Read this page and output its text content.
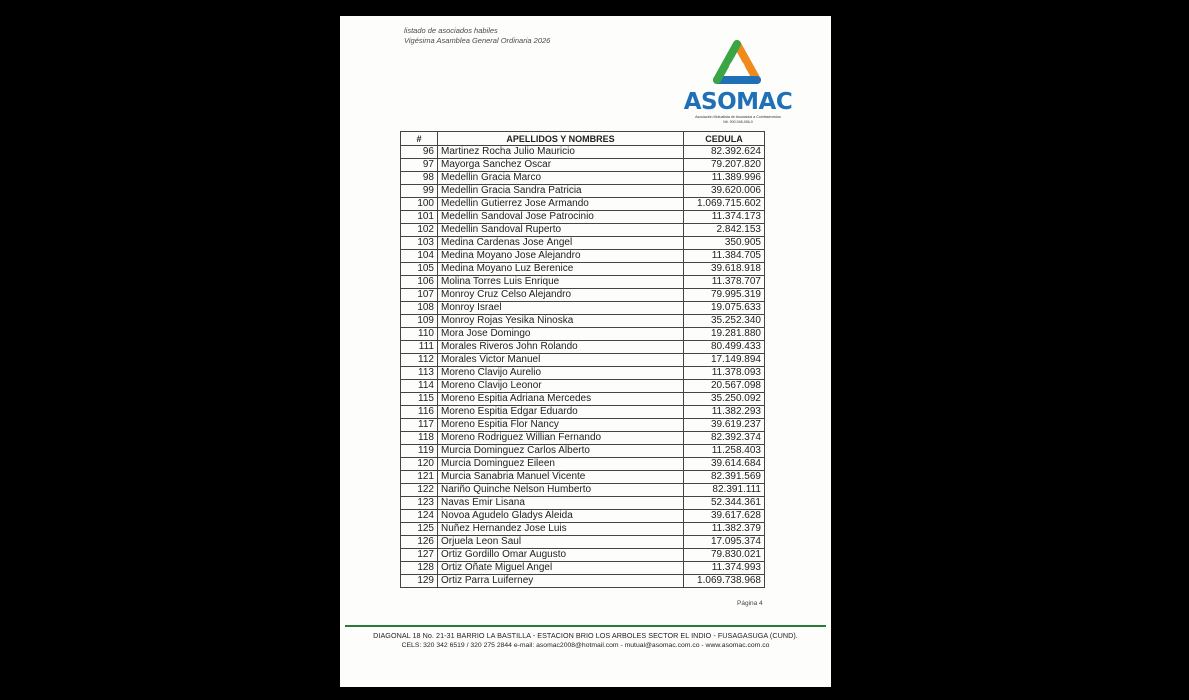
listado de asociados habiles
Vigésima Asamblea General Ordinaria 2026
ASOMAC
Asociación Mutualista de Asociados a Comfaservicios
Nit. 900.048.456-0
#	APELLIDOS Y NOMBRES	CEDULA
96	Martinez Rocha Julio Mauricio	82.392.624
97	Mayorga Sanchez Oscar	79.207.820
98	Medellin Gracia Marco	11.389.996
99	Medellin Gracia Sandra Patricia	39.620.006
100	Medellin Gutierrez Jose Armando	1.069.715.602
101	Medellin Sandoval Jose Patrocinio	11.374.173
102	Medellin Sandoval Ruperto	2.842.153
103	Medina Cardenas Jose Ángel	350.905
104	Medina Moyano Jose Alejandro	11.384.705
105	Medina Moyano Luz Berenice	39.618.918
106	Molina Torres Luis Enrique	11.378.707
107	Monroy Cruz Celso Alejandro	79.995.319
108	Monroy Israel	19.075.633
109	Monroy Rojas Yesika Ninoska	35.252.340
110	Mora Jose Domingo	19.281.880
111	Morales Riveros John Rolando	80.499.433
112	Morales Victor Manuel	17.149.894
113	Moreno Clavijo Aurelio	11.378.093
114	Moreno Clavijo Leonor	20.567.098
115	Moreno Espitia Adriana Mercedes	35.250.092
116	Moreno Espitia Edgar Eduardo	11.382.293
117	Moreno Espitia Flor Nancy	39.619.237
118	Moreno Rodriguez Willian Fernando	82.392.374
119	Murcia Dominguez Carlos Alberto	11.258.403
120	Murcia Dominguez Eileen	39.614.684
121	Murcia Sanabria Manuel Vicente	82.391.569
122	Nariño Quinche Nelson Humberto	82.391.111
123	Navas Emir Lisana	52.344.361
124	Novoa Agudelo Gladys Aleida	39.617.628
125	Nuñez Hernandez Jose Luis	11.382.379
126	Orjuela Leon Saul	17.095.374
127	Ortiz Gordillo Omar Augusto	79.830.021
128	Ortiz Oñate Miguel Angel	11.374.993
129	Ortiz Parra Luiferney	1.069.738.968
Página 4
DIAGONAL 18 No. 21-31 BARRIO LA BASTILLA - ESTACION BRIO LOS ARBOLES SECTOR EL INDIO - FUSAGASUGA (CUND).
CELS: 320 342 6519 / 320 275 2844 e-mail: asomac2008@hotmail.com - mutual@asomac.com.co - www.asomac.com.co
